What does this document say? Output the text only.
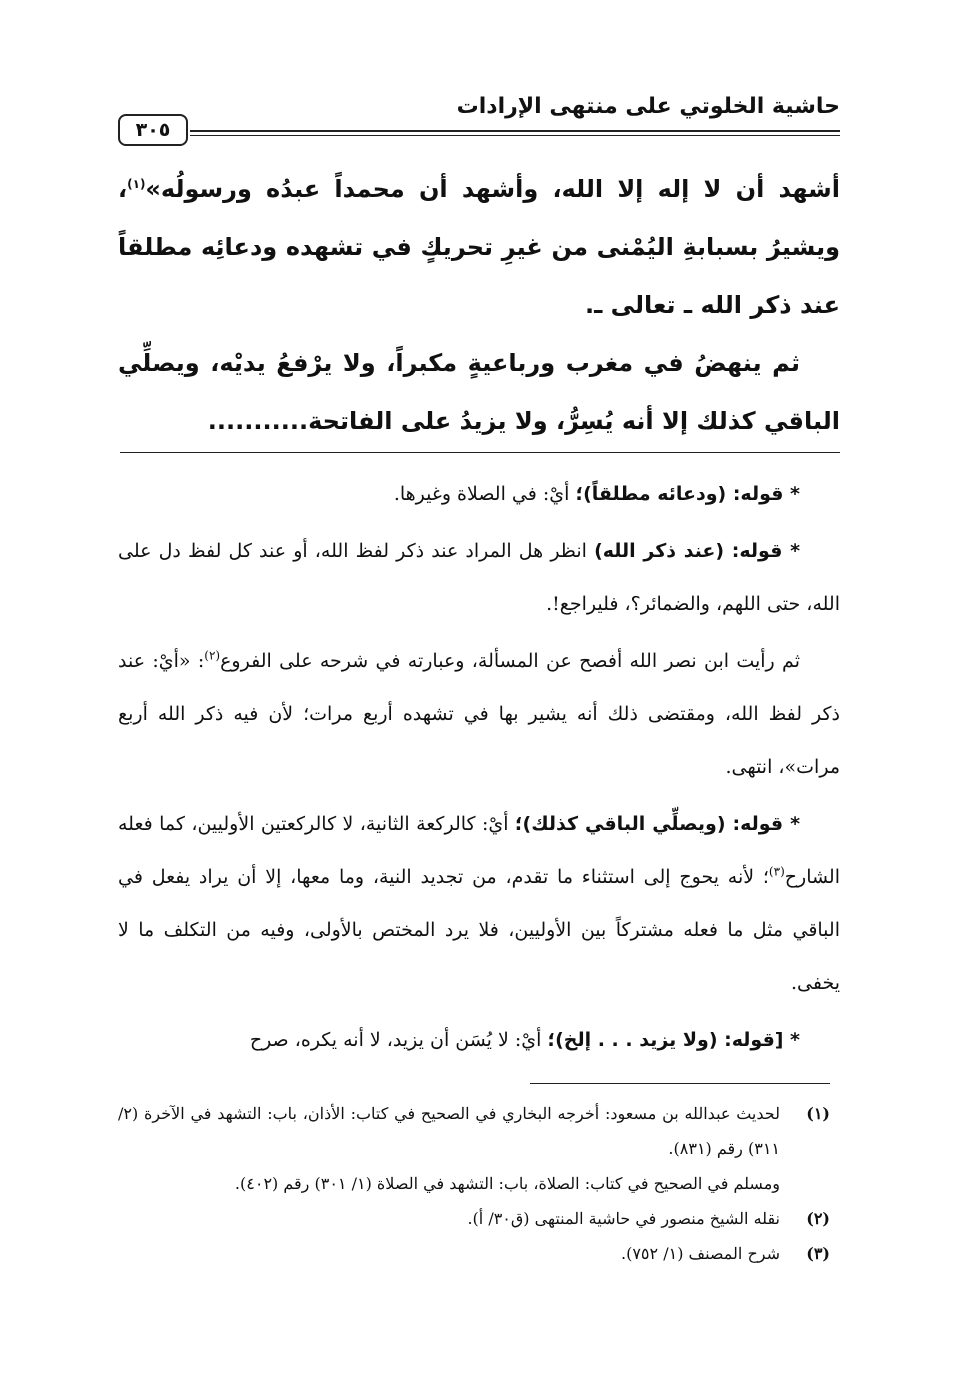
حاشية الخلوتي على منتهى الإرادات
٣٠٥

أشهد أن لا إله إلا الله، وأشهد أن محمداً عبدُه ورسولُه»$^{(١)}$، ويشيرُ بسبابةِ اليُمْنى من غيرِ تحريكٍ في تشهده ودعائِه مطلقاً عند ذكر الله ـ تعالى ـ.

ثم ينهضُ في مغرب ورباعيةٍ مكبراً، ولا يرْفعُ يديْه، ويصلِّي الباقي كذلك إلا أنه يُسِرُّ، ولا يزيدُ على الفاتحة...........

* قوله: (ودعائه مطلقاً)؛ أيْ: في الصلاة وغيرها.

* قوله: (عند ذكر الله) انظر هل المراد عند ذكر لفظ الله، أو عند كل لفظ دل على الله، حتى اللهم، والضمائر؟، فليراجع!.

ثم رأيت ابن نصر الله أفصح عن المسألة، وعبارته في شرحه على الفروع$^{(٢)}$: «أيْ: عند ذكر لفظ الله، ومقتضى ذلك أنه يشير بها في تشهده أربع مرات؛ لأن فيه ذكر الله أربع مرات»، انتهى.

* قوله: (ويصلِّي الباقي كذلك)؛ أيْ: كالركعة الثانية، لا كالركعتين الأوليين، كما فعله الشارح$^{(٣)}$؛ لأنه يحوج إلى استثناء ما تقدم، من تجديد النية، وما معها، إلا أن يراد يفعل في الباقي مثل ما فعله مشتركاً بين الأوليين، فلا يرد المختص بالأولى، وفيه من التكلف ما لا يخفى.

* [قوله: (ولا يزيد . . . إلخ)؛ أيْ: لا يُسَن أن يزيد، لا أنه يكره، صرح

(١)
لحديث عبدالله بن مسعود: أخرجه البخاري في الصحيح في كتاب: الأذان، باب: التشهد في الآخرة (٢/ ٣١١) رقم (٨٣١).
ومسلم في الصحيح في كتاب: الصلاة، باب: التشهد في الصلاة (١/ ٣٠١) رقم (٤٠٢).
(٢)
نقله الشيخ منصور في حاشية المنتهى (ق٣٠/ أ).
(٣)
شرح المصنف (١/ ٧٥٢).
